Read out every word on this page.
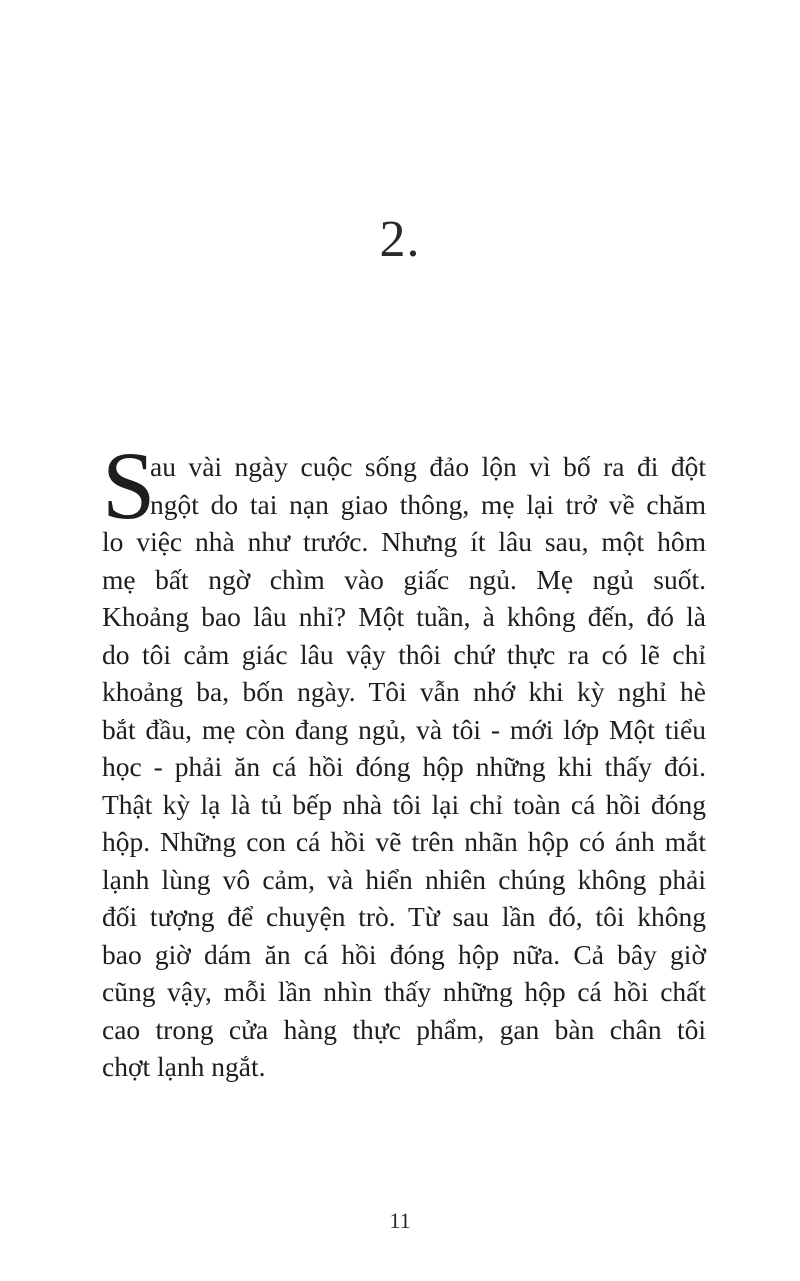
2.
S
au vài ngày cuộc sống đảo lộn vì bố ra đi đột
ngột do tai nạn giao thông, mẹ lại trở về chăm
lo việc nhà như trước. Nhưng ít lâu sau, một hôm
mẹ bất ngờ chìm vào giấc ngủ. Mẹ ngủ suốt.
Khoảng bao lâu nhỉ? Một tuần, à không đến, đó là
do tôi cảm giác lâu vậy thôi chứ thực ra có lẽ chỉ
khoảng ba, bốn ngày. Tôi vẫn nhớ khi kỳ nghỉ hè
bắt đầu, mẹ còn đang ngủ, và tôi - mới lớp Một tiểu
học - phải ăn cá hồi đóng hộp những khi thấy đói.
Thật kỳ lạ là tủ bếp nhà tôi lại chỉ toàn cá hồi đóng
hộp. Những con cá hồi vẽ trên nhãn hộp có ánh mắt
lạnh lùng vô cảm, và hiển nhiên chúng không phải
đối tượng để chuyện trò. Từ sau lần đó, tôi không
bao giờ dám ăn cá hồi đóng hộp nữa. Cả bây giờ
cũng vậy, mỗi lần nhìn thấy những hộp cá hồi chất
cao trong cửa hàng thực phẩm, gan bàn chân tôi
chợt lạnh ngắt.
11
